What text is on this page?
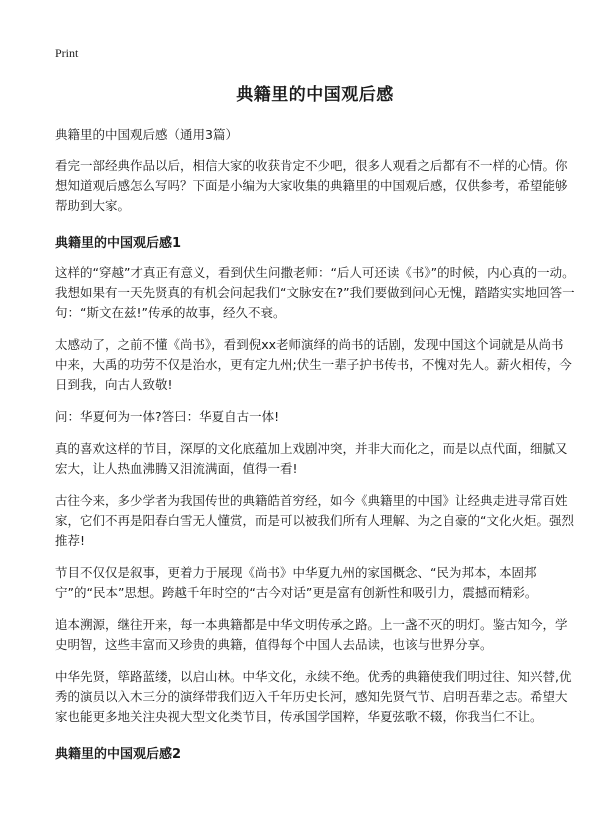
Print
典籍里的中国观后感
典籍里的中国观后感（通用3篇）

看完一部经典作品以后，相信大家的收获肯定不少吧，很多人观看之后都有不一样的心情。你想知道观后感怎么写吗？下面是小编为大家收集的典籍里的中国观后感，仅供参考，希望能够帮助到大家。

典籍里的中国观后感1

这样的“穿越”才真正有意义，看到伏生问撒老师：“后人可还读《书》”的时候，内心真的一动。我想如果有一天先贤真的有机会问起我们“文脉安在?”我们要做到问心无愧，踏踏实实地回答一句：“斯文在兹!”传承的故事，经久不衰。

太感动了，之前不懂《尚书》，看到倪xx老师演绎的尚书的话剧，发现中国这个词就是从尚书中来，大禹的功劳不仅是治水，更有定九州;伏生一辈子护书传书，不愧对先人。薪火相传，今日到我，向古人致敬!

问：华夏何为一体?答曰：华夏自古一体!

真的喜欢这样的节目，深厚的文化底蕴加上戏剧冲突，并非大而化之，而是以点代面，细腻又宏大，让人热血沸腾又泪流满面，值得一看!

古往今来，多少学者为我国传世的典籍皓首穷经，如今《典籍里的中国》让经典走进寻常百姓家，它们不再是阳春白雪无人懂赏，而是可以被我们所有人理解、为之自豪的“文化火炬。强烈推荐!

节目不仅仅是叙事，更着力于展现《尚书》中华夏九州的家国概念、“民为邦本，本固邦宁”的“民本”思想。跨越千年时空的“古今对话”更是富有创新性和吸引力，震撼而精彩。

追本溯源，继往开来，每一本典籍都是中华文明传承之路。上一盏不灭的明灯。鉴古知今，学史明智，这些丰富而又珍贵的典籍，值得每个中国人去品读，也该与世界分享。

中华先贤，筚路蓝缕，以启山林。中华文化，永续不绝。优秀的典籍使我们明过往、知兴替,优秀的演员以入木三分的演绎带我们迈入千年历史长河，感知先贤气节、启明吾辈之志。希望大家也能更多地关注央视大型文化类节目，传承国学国粹，华夏弦歌不辍，你我当仁不让。

典籍里的中国观后感2
